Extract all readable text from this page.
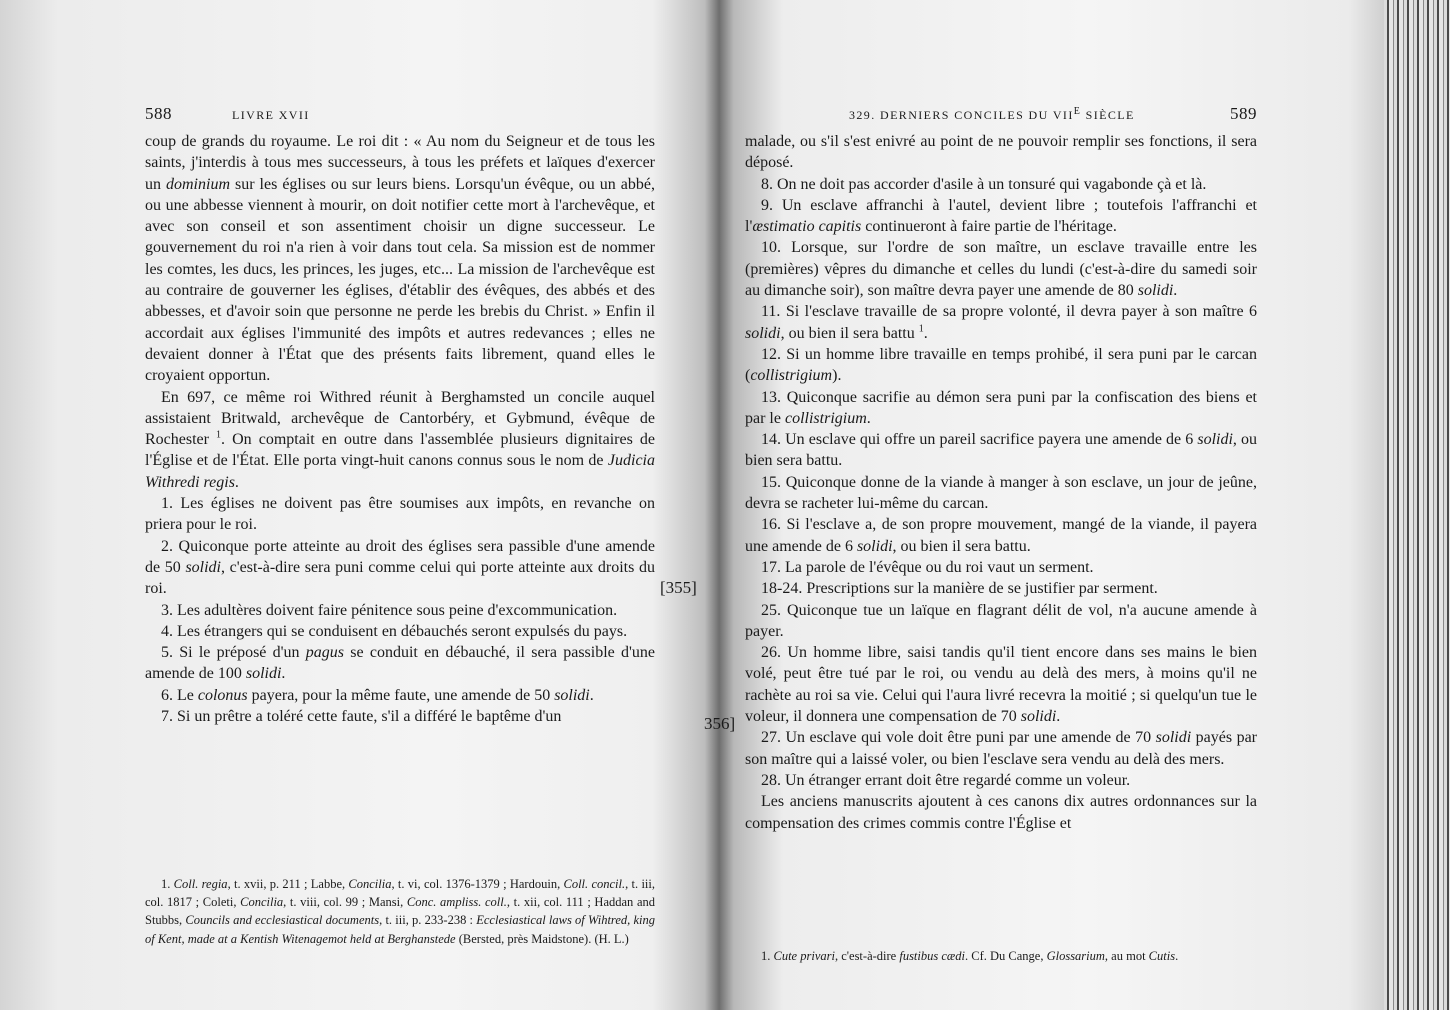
588	LIVRE XVII

coup de grands du royaume. Le roi dit : « Au nom du Seigneur et de tous les saints, j'interdis à tous mes successeurs, à tous les préfets et laïques d'exercer un dominium sur les églises ou sur leurs biens. Lorsqu'un évêque, ou un abbé, ou une abbesse viennent à mourir, on doit notifier cette mort à l'archevêque, et avec son conseil et son assentiment choisir un digne successeur. Le gouvernement du roi n'a rien à voir dans tout cela. Sa mission est de nommer les comtes, les ducs, les princes, les juges, etc... La mission de l'archevêque est au contraire de gouverner les églises, d'établir des évêques, des abbés et des abbesses, et d'avoir soin que personne ne perde les brebis du Christ. » Enfin il accordait aux églises l'immunité des impôts et autres redevances ; elles ne devaient donner à l'État que des présents faits librement, quand elles le croyaient opportun.

En 697, ce même roi Withred réunit à Berghamsted un concile auquel assistaient Britwald, archevêque de Cantorbéry, et Gybmund, évêque de Rochester $^1$. On comptait en outre dans l'assemblée plusieurs dignitaires de l'Église et de l'État. Elle porta vingt-huit canons connus sous le nom de Judicia Withredi regis.

1. Les églises ne doivent pas être soumises aux impôts, en revanche on priera pour le roi.

2. Quiconque porte atteinte au droit des églises sera passible d'une amende de 50 solidi, c'est-à-dire sera puni comme celui qui porte atteinte aux droits du roi.

3. Les adultères doivent faire pénitence sous peine d'excommunication.

4. Les étrangers qui se conduisent en débauchés seront expulsés du pays.

5. Si le préposé d'un pagus se conduit en débauché, il sera passible d'une amende de 100 solidi.

6. Le colonus payera, pour la même faute, une amende de 50 solidi.

7. Si un prêtre a toléré cette faute, s'il a différé le baptême d'un

1. Coll. regia, t. xvii, p. 211 ; Labbe, Concilia, t. vi, col. 1376-1379 ; Hardouin, Coll. concil., t. iii, col. 1817 ; Coleti, Concilia, t. viii, col. 99 ; Mansi, Conc. ampliss. coll., t. xii, col. 111 ; Haddan and Stubbs, Councils and ecclesiastical documents, t. iii, p. 233-238 : Ecclesiastical laws of Wihtred, king of Kent, made at a Kentish Witenagemot held at Berghanstede (Bersted, près Maidstone). (H. L.)

329. DERNIERS CONCILES DU $VII^E$ SIÈCLE	589

malade, ou s'il s'est enivré au point de ne pouvoir remplir ses fonctions, il sera déposé.

8. On ne doit pas accorder d'asile à un tonsuré qui vagabonde çà et là.

9. Un esclave affranchi à l'autel, devient libre ; toutefois l'affranchi et l'æstimatio capitis continueront à faire partie de l'héritage.

10. Lorsque, sur l'ordre de son maître, un esclave travaille entre les (premières) vêpres du dimanche et celles du lundi (c'est-à-dire du samedi soir au dimanche soir), son maître devra payer une amende de 80 solidi.

11. Si l'esclave travaille de sa propre volonté, il devra payer à son maître 6 solidi, ou bien il sera battu $^1$.

12. Si un homme libre travaille en temps prohibé, il sera puni par le carcan (collistrigium).

13. Quiconque sacrifie au démon sera puni par la confiscation des biens et par le collistrigium.

14. Un esclave qui offre un pareil sacrifice payera une amende de 6 solidi, ou bien sera battu.

15. Quiconque donne de la viande à manger à son esclave, un jour de jeûne, devra se racheter lui-même du carcan.

16. Si l'esclave a, de son propre mouvement, mangé de la viande, il payera une amende de 6 solidi, ou bien il sera battu.

17. La parole de l'évêque ou du roi vaut un serment.

18-24. Prescriptions sur la manière de se justifier par serment.

25. Quiconque tue un laïque en flagrant délit de vol, n'a aucune amende à payer.

26. Un homme libre, saisi tandis qu'il tient encore dans ses mains le bien volé, peut être tué par le roi, ou vendu au delà des mers, à moins qu'il ne rachète au roi sa vie. Celui qui l'aura livré recevra la moitié ; si quelqu'un tue le voleur, il donnera une compensation de 70 solidi.

27. Un esclave qui vole doit être puni par une amende de 70 solidi payés par son maître qui a laissé voler, ou bien l'esclave sera vendu au delà des mers.

28. Un étranger errant doit être regardé comme un voleur.

Les anciens manuscrits ajoutent à ces canons dix autres ordonnances sur la compensation des crimes commis contre l'Église et

1. Cute privari, c'est-à-dire fustibus cædi. Cf. Du Cange, Glossarium, au mot Cutis.

[355]
356]
